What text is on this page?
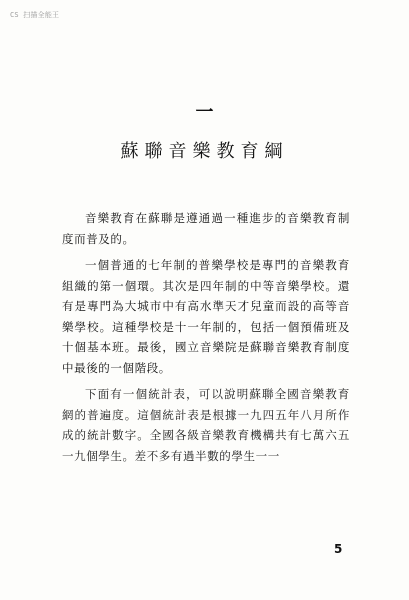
CS 扫描全能王
一
蘇聯音樂教育綱

音樂教育在蘇聯是遵通過一種進步的音樂教育制度而普及的。

一個普通的七年制的普樂學校是專門的音樂教育組織的第一個環。其次是四年制的中等音樂學校。還有是專門為大城市中有高水準天才兒童而設的高等音樂學校。這種學校是十一年制的，包括一個預備班及十個基本班。最後，國立音樂院是蘇聯音樂教育制度中最後的一個階段。

下面有一個統計表，可以說明蘇聯全國音樂教育網的普遍度。這個統計表是根據一九四五年八月所作成的統計數字。全國各級音樂教育機構共有七萬六五一九個學生。差不多有過半數的學生一一

5
